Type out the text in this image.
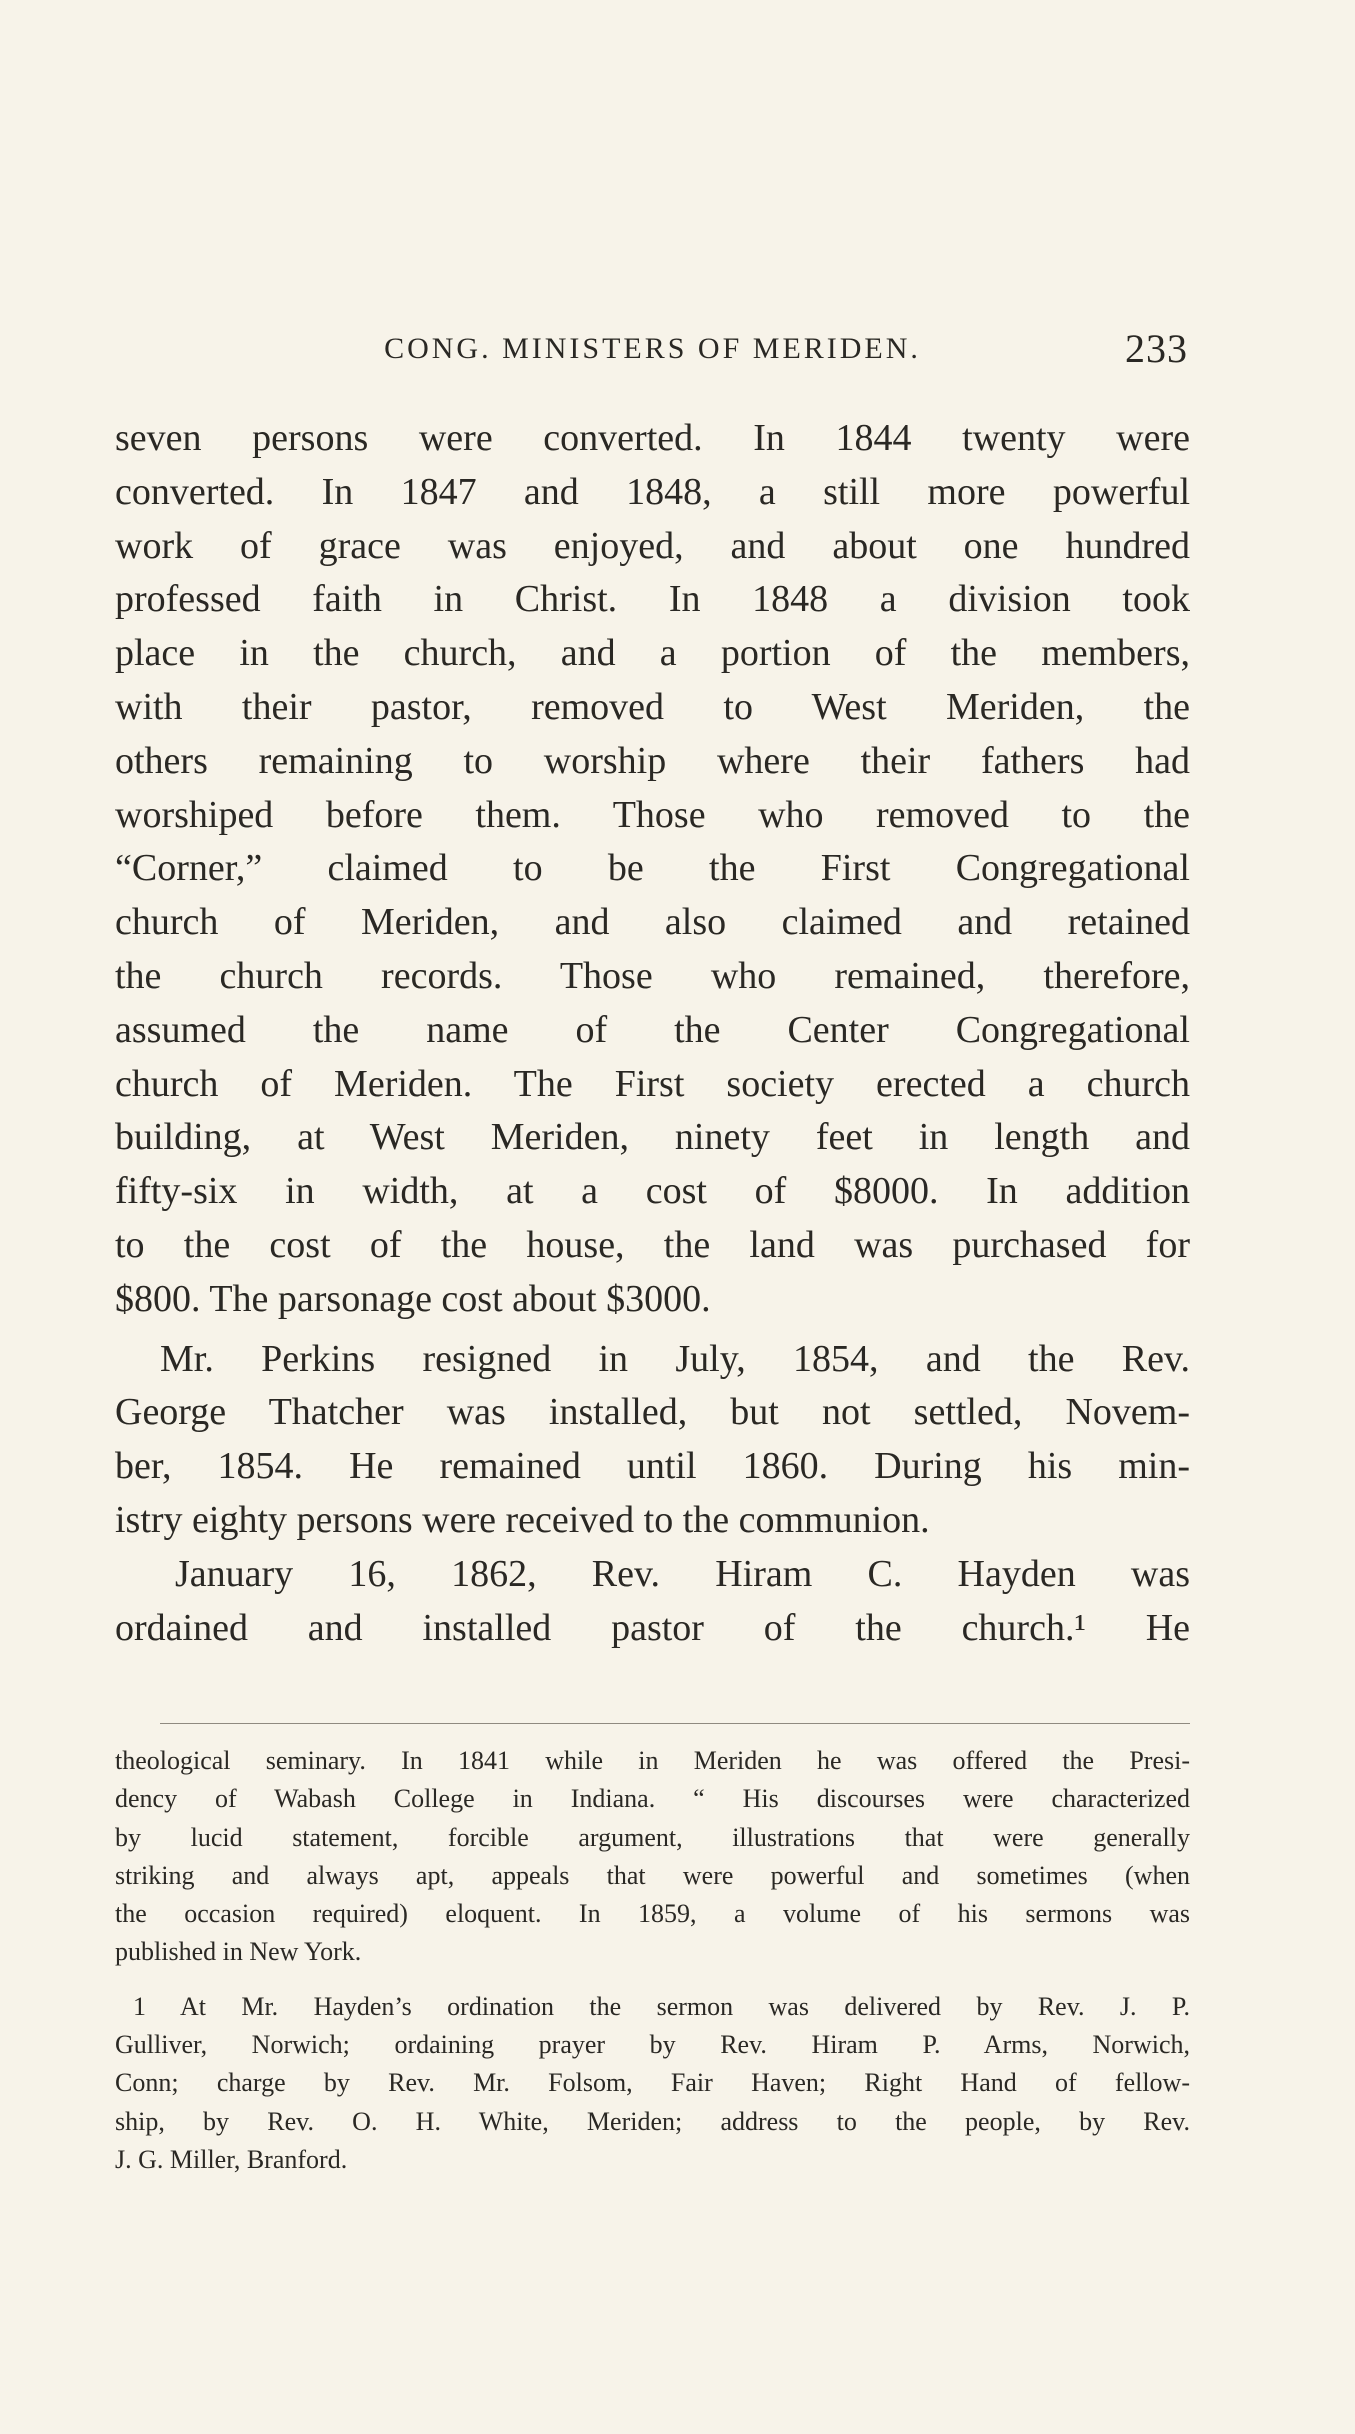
CONG. MINISTERS OF MERIDEN.	233

seven persons were converted. In 1844 twenty were
converted. In 1847 and 1848, a still more powerful
work of grace was enjoyed, and about one hundred
professed faith in Christ. In 1848 a division took
place in the church, and a portion of the members,
with their pastor, removed to West Meriden, the
others remaining to worship where their fathers had
worshiped before them. Those who removed to the
“Corner,” claimed to be the First Congregational
church of Meriden, and also claimed and retained
the church records. Those who remained, therefore,
assumed the name of the Center Congregational
church of Meriden. The First society erected a church
building, at West Meriden, ninety feet in length and
fifty-six in width, at a cost of $8000. In addition
to the cost of the house, the land was purchased for
$800. The parsonage cost about $3000.

Mr. Perkins resigned in July, 1854, and the Rev.
George Thatcher was installed, but not settled, Novem-
ber, 1854. He remained until 1860. During his min-
istry eighty persons were received to the communion.

January 16, 1862, Rev. Hiram C. Hayden was
ordained and installed pastor of the church.¹ He

theological seminary. In 1841 while in Meriden he was offered the Presi-
dency of Wabash College in Indiana. “ His discourses were characterized
by lucid statement, forcible argument, illustrations that were generally
striking and always apt, appeals that were powerful and sometimes (when
the occasion required) eloquent. In 1859, a volume of his sermons was
published in New York.

1 At Mr. Hayden’s ordination the sermon was delivered by Rev. J. P.
Gulliver, Norwich; ordaining prayer by Rev. Hiram P. Arms, Norwich,
Conn; charge by Rev. Mr. Folsom, Fair Haven; Right Hand of fellow-
ship, by Rev. O. H. White, Meriden; address to the people, by Rev.
J. G. Miller, Branford.
